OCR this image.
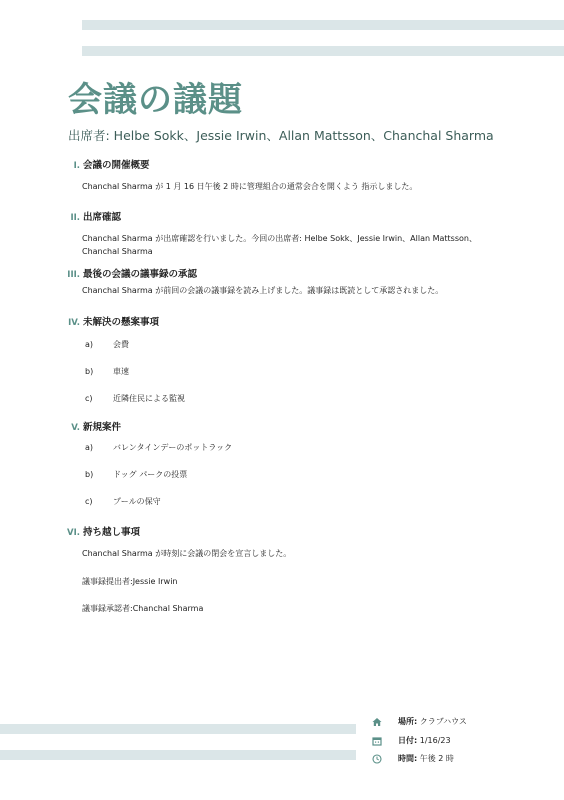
会議の議題
出席者: Helbe Sokk、Jessie Irwin、Allan Mattsson、Chanchal Sharma
I. 会議の開催概要
Chanchal Sharma が 1 月 16 日午後 2 時に管理組合の通常会合を開くよう 指示しました。
II. 出席確認
Chanchal Sharma が出席確認を行いました。今回の出席者: Helbe Sokk、Jessie Irwin、Allan Mattsson、Chanchal Sharma
III. 最後の会議の議事録の承認
Chanchal Sharma が前回の会議の議事録を読み上げました。議事録は既読として承認されました。
IV. 未解決の懸案事項
a) 会費
b) 車速
c)	近隣住民による監視
V. 新規案件
a) バレンタインデーのポットラック
b) ドッグ パークの投票
c)	プールの保守
VI. 持ち越し事項
Chanchal Sharma が時刻に会議の閉会を宣言しました。
議事録提出者:Jessie Irwin
議事録承認者:Chanchal Sharma
場所:
クラブハウス
日付:
1/16/23
時間:
午後 2 時
